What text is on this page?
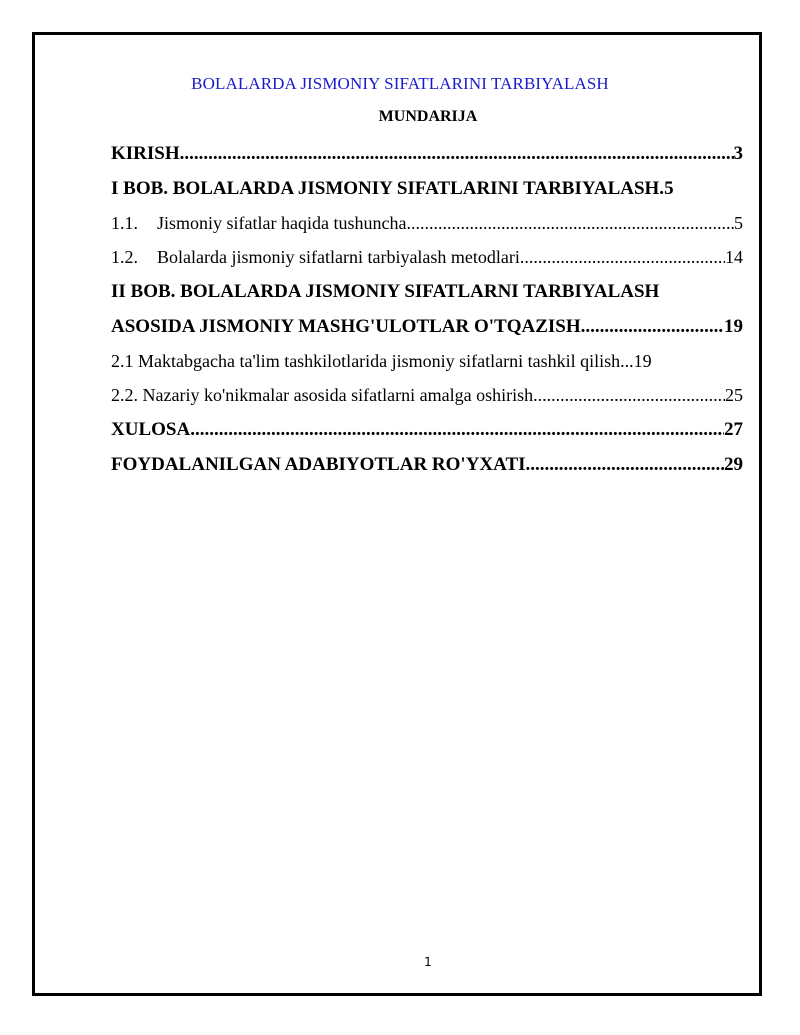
BOLALARDA JISMONIY SIFATLARINI TARBIYALASH
MUNDARIJA
KIRISH .....	3
I BOB. BOLALARDA JISMONIY SIFATLARINI TARBIYALASH. 5
1.1. Jismoniy sifatlar haqida tushuncha .....	5
1.2. Bolalarda jismoniy sifatlarni tarbiyalash metodlari .....	14
II BOB. BOLALARDA JISMONIY SIFATLARNI TARBIYALASH
ASOSIDA JISMONIY MASHG'ULOTLAR O'TQAZISH .....	19
2.1 Maktabgacha ta'lim tashkilotlarida jismoniy sifatlarni tashkil qilish... 19
2.2. Nazariy ko'nikmalar asosida sifatlarni amalga oshirish .....	25
XULOSA .....	27
FOYDALANILGAN ADABIYOTLAR RO'YXATI .....	29
1
